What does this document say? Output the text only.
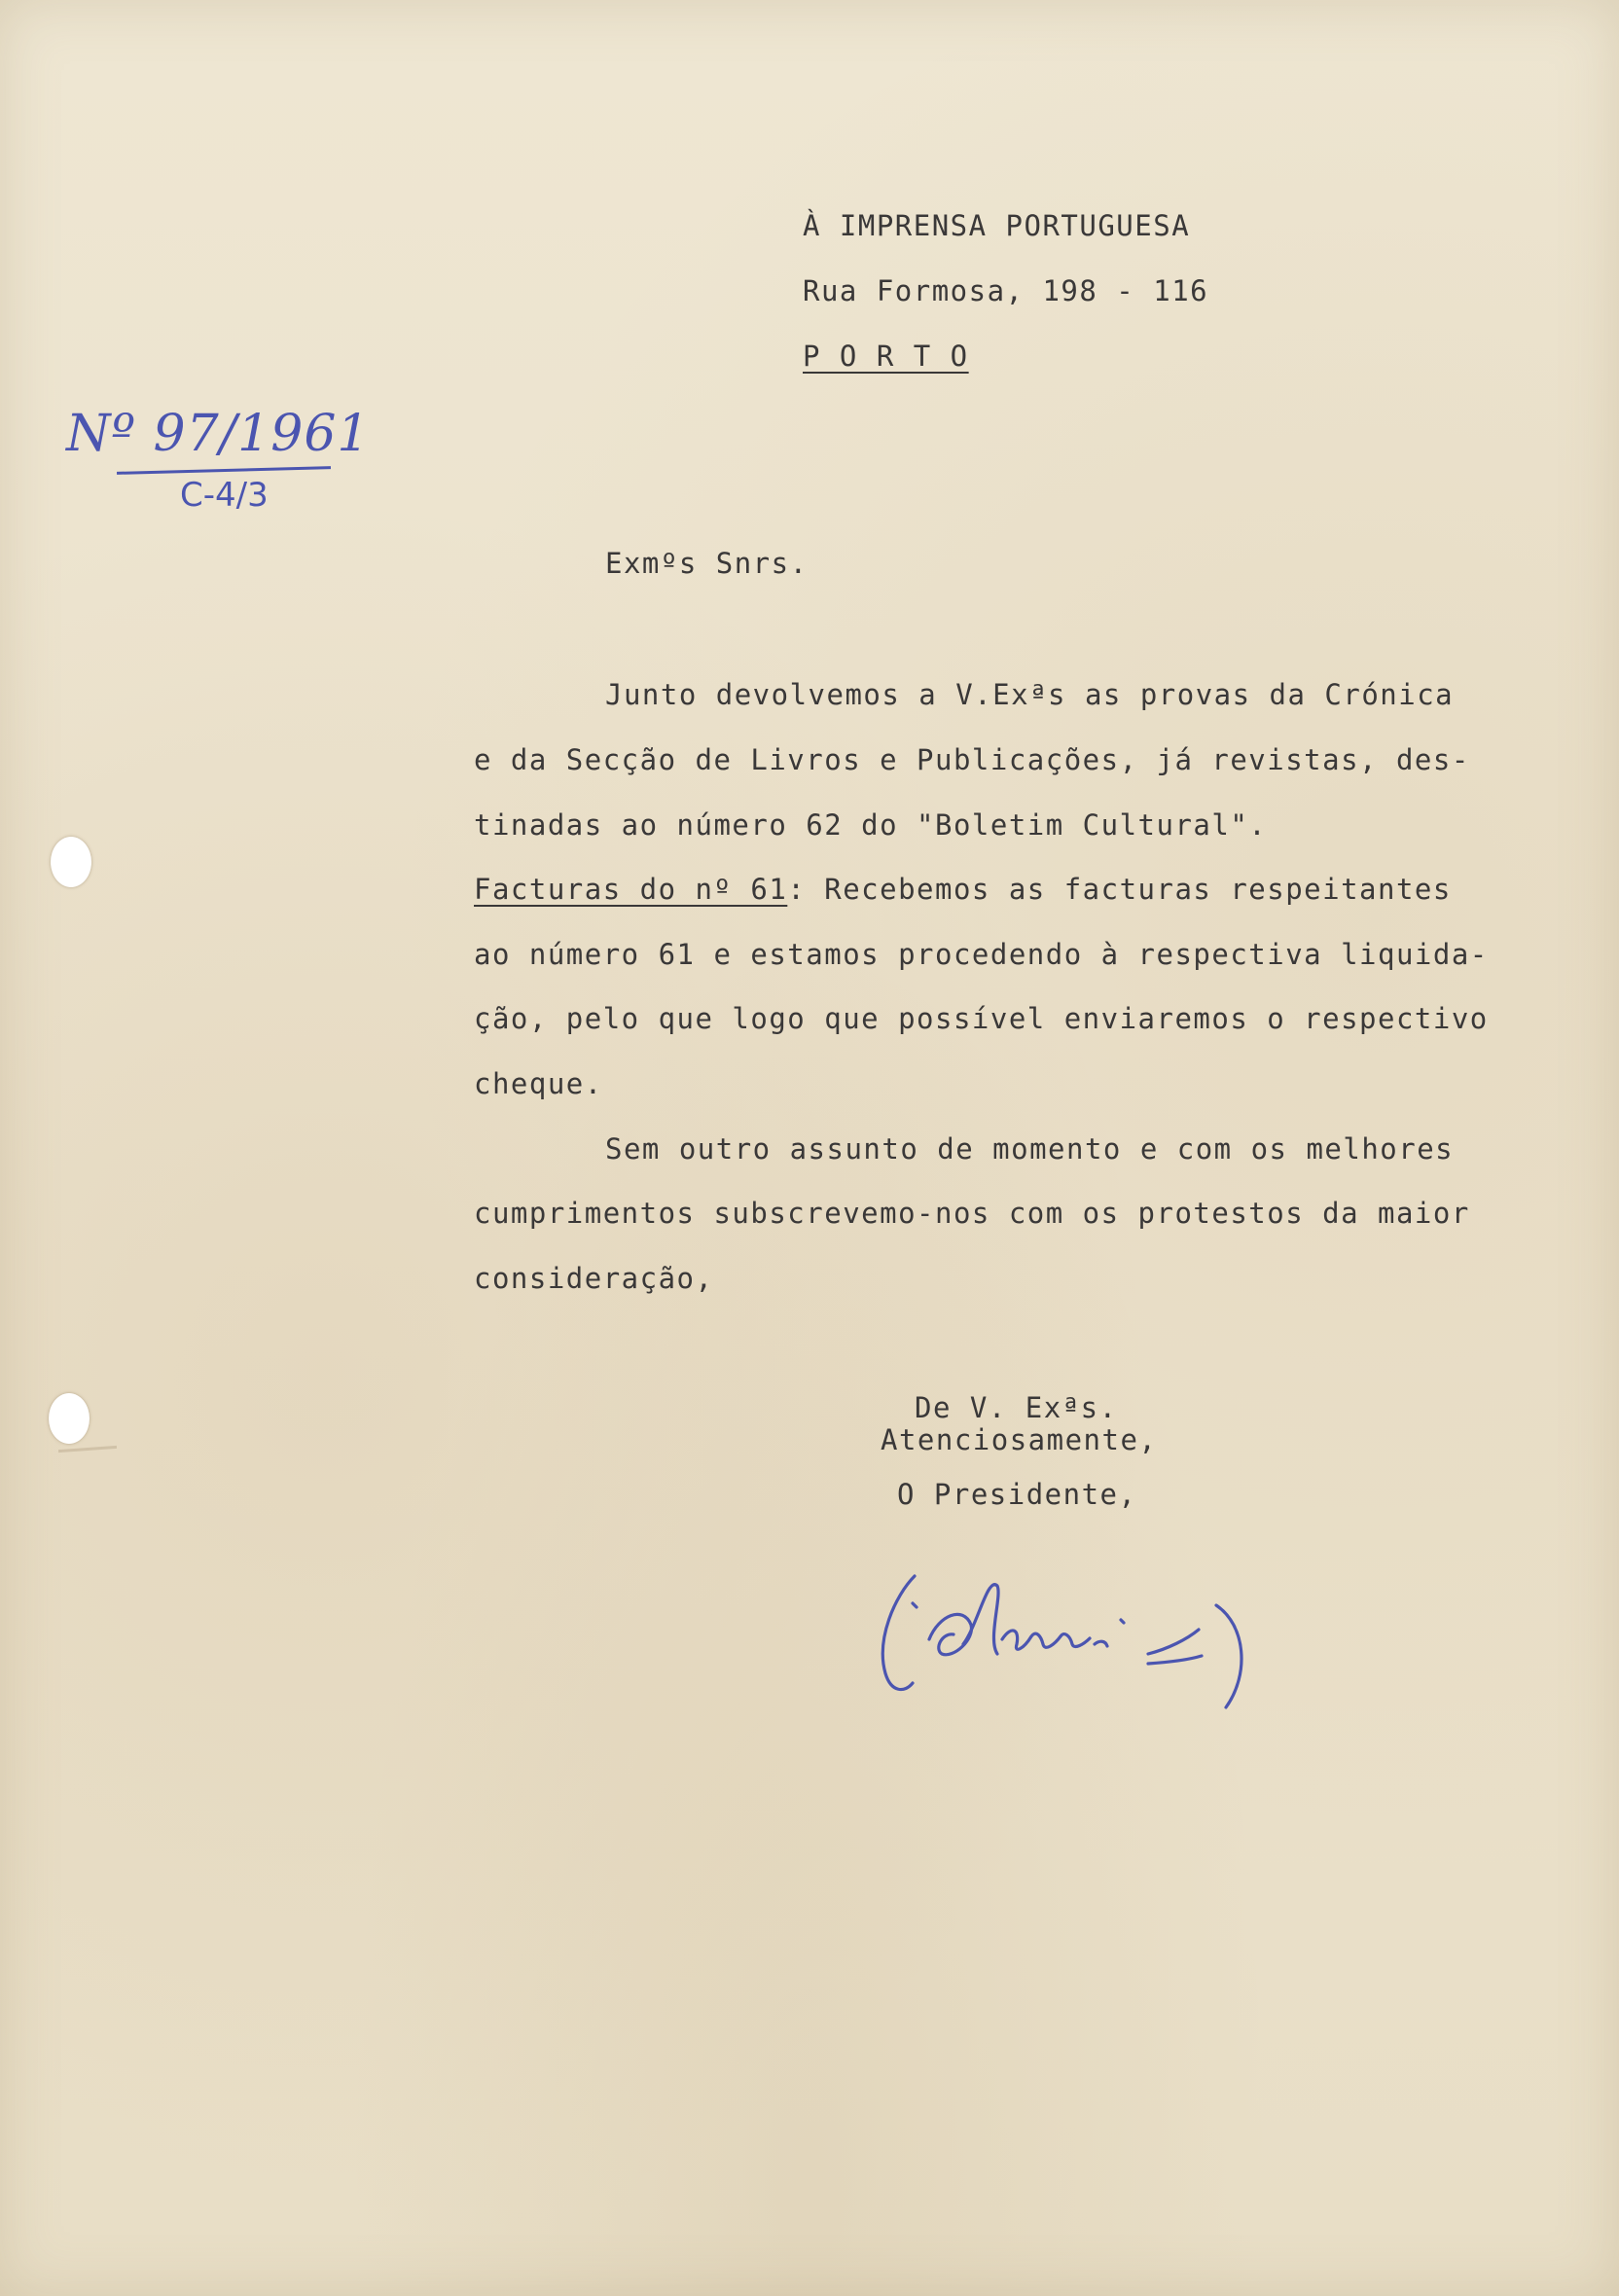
À IMPRENSA PORTUGUESA
Rua Formosa, 198 - 116
P O R T O
Nº 97/1961
C-4/3
Exmºs Snrs.
Junto devolvemos a V.Exªs as provas da Crónica
e da Secção de Livros e Publicações, já revistas, des-
tinadas ao número 62 do "Boletim Cultural".
Facturas do nº 61: Recebemos as facturas respeitantes
ao número 61 e estamos procedendo à respectiva liquida-
ção, pelo que logo que possível enviaremos o respectivo
cheque.
Sem outro assunto de momento e com os melhores
cumprimentos subscrevemo-nos com os protestos da maior
consideração,
De V. Exªs.
Atenciosamente,
O Presidente,
